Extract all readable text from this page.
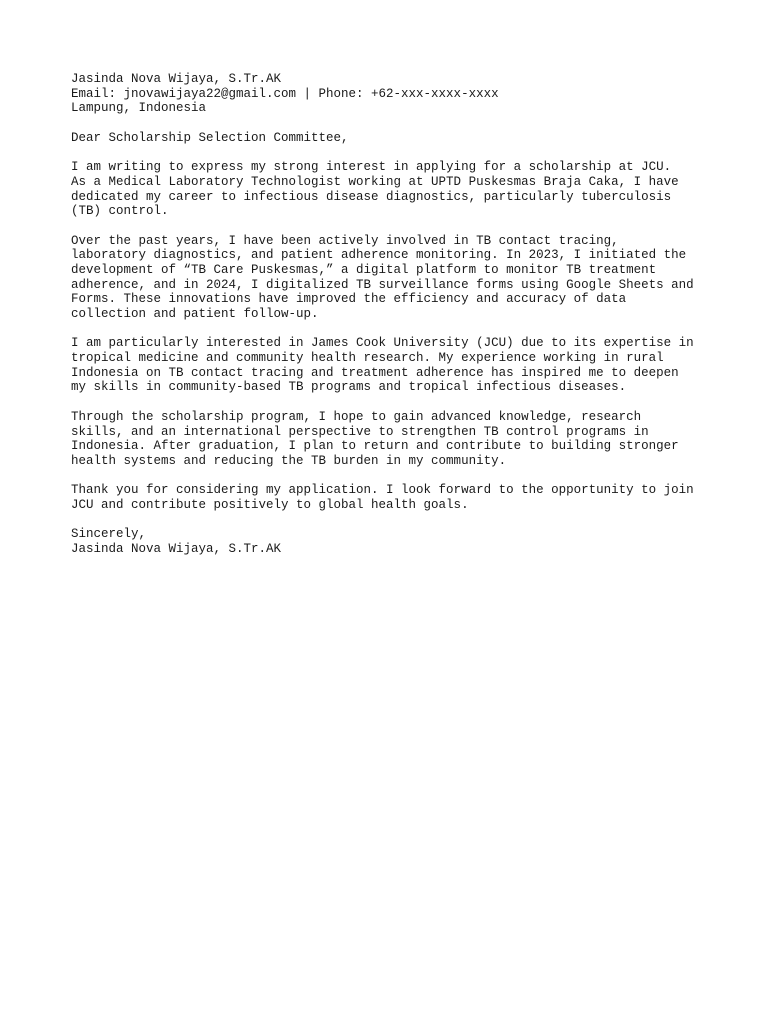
Jasinda Nova Wijaya, S.Tr.AK
Email: jnovawijaya22@gmail.com | Phone: +62-xxx-xxxx-xxxx
Lampung, Indonesia
Dear Scholarship Selection Committee,
I am writing to express my strong interest in applying for a scholarship at JCU.
As a Medical Laboratory Technologist working at UPTD Puskesmas Braja Caka, I have
dedicated my career to infectious disease diagnostics, particularly tuberculosis
(TB) control.
Over the past years, I have been actively involved in TB contact tracing,
laboratory diagnostics, and patient adherence monitoring. In 2023, I initiated the
development of “TB Care Puskesmas,” a digital platform to monitor TB treatment
adherence, and in 2024, I digitalized TB surveillance forms using Google Sheets and
Forms. These innovations have improved the efficiency and accuracy of data
collection and patient follow-up.
I am particularly interested in James Cook University (JCU) due to its expertise in
tropical medicine and community health research. My experience working in rural
Indonesia on TB contact tracing and treatment adherence has inspired me to deepen
my skills in community-based TB programs and tropical infectious diseases.
Through the scholarship program, I hope to gain advanced knowledge, research
skills, and an international perspective to strengthen TB control programs in
Indonesia. After graduation, I plan to return and contribute to building stronger
health systems and reducing the TB burden in my community.
Thank you for considering my application. I look forward to the opportunity to join
JCU and contribute positively to global health goals.
Sincerely,
Jasinda Nova Wijaya, S.Tr.AK
